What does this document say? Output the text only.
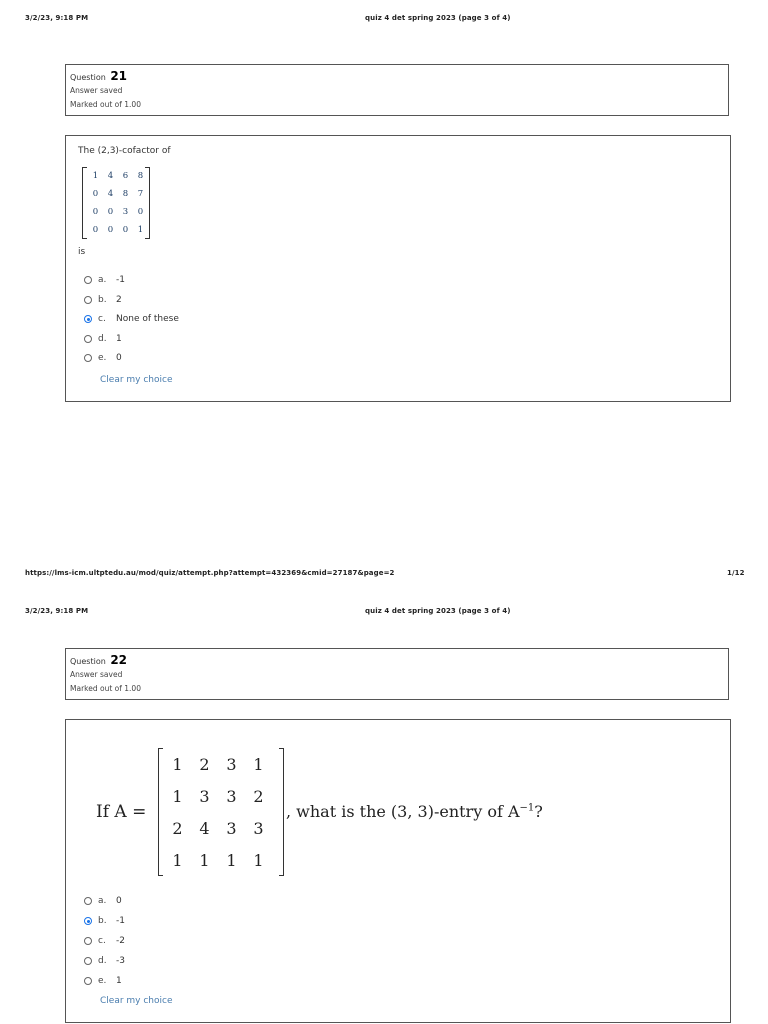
3/2/23, 9:18 PM	quiz 4 det spring 2023 (page 3 of 4)
Question 21
Answer saved
Marked out of 1.00
The (2,3)-cofactor of
1	4	6	8
0	4	8	7
0	0	3	0
0	0	0	1
is
a.	-1
b.	2
c.	None of these
d.	1
e.	0
Clear my choice
https://lms-icm.ultptedu.au/mod/quiz/attempt.php?attempt=432369&cmid=27187&page=2	1/12
3/2/23, 9:18 PM	quiz 4 det spring 2023 (page 3 of 4)
Question 22
Answer saved
Marked out of 1.00
If A =
1	2	3	1
1	3	3	2
2	4	3	3
1	1	1	1
, what is the (3, 3)-entry of $A^{-1}$?
a.	0
b.	-1
c.	-2
d.	-3
e.	1
Clear my choice
